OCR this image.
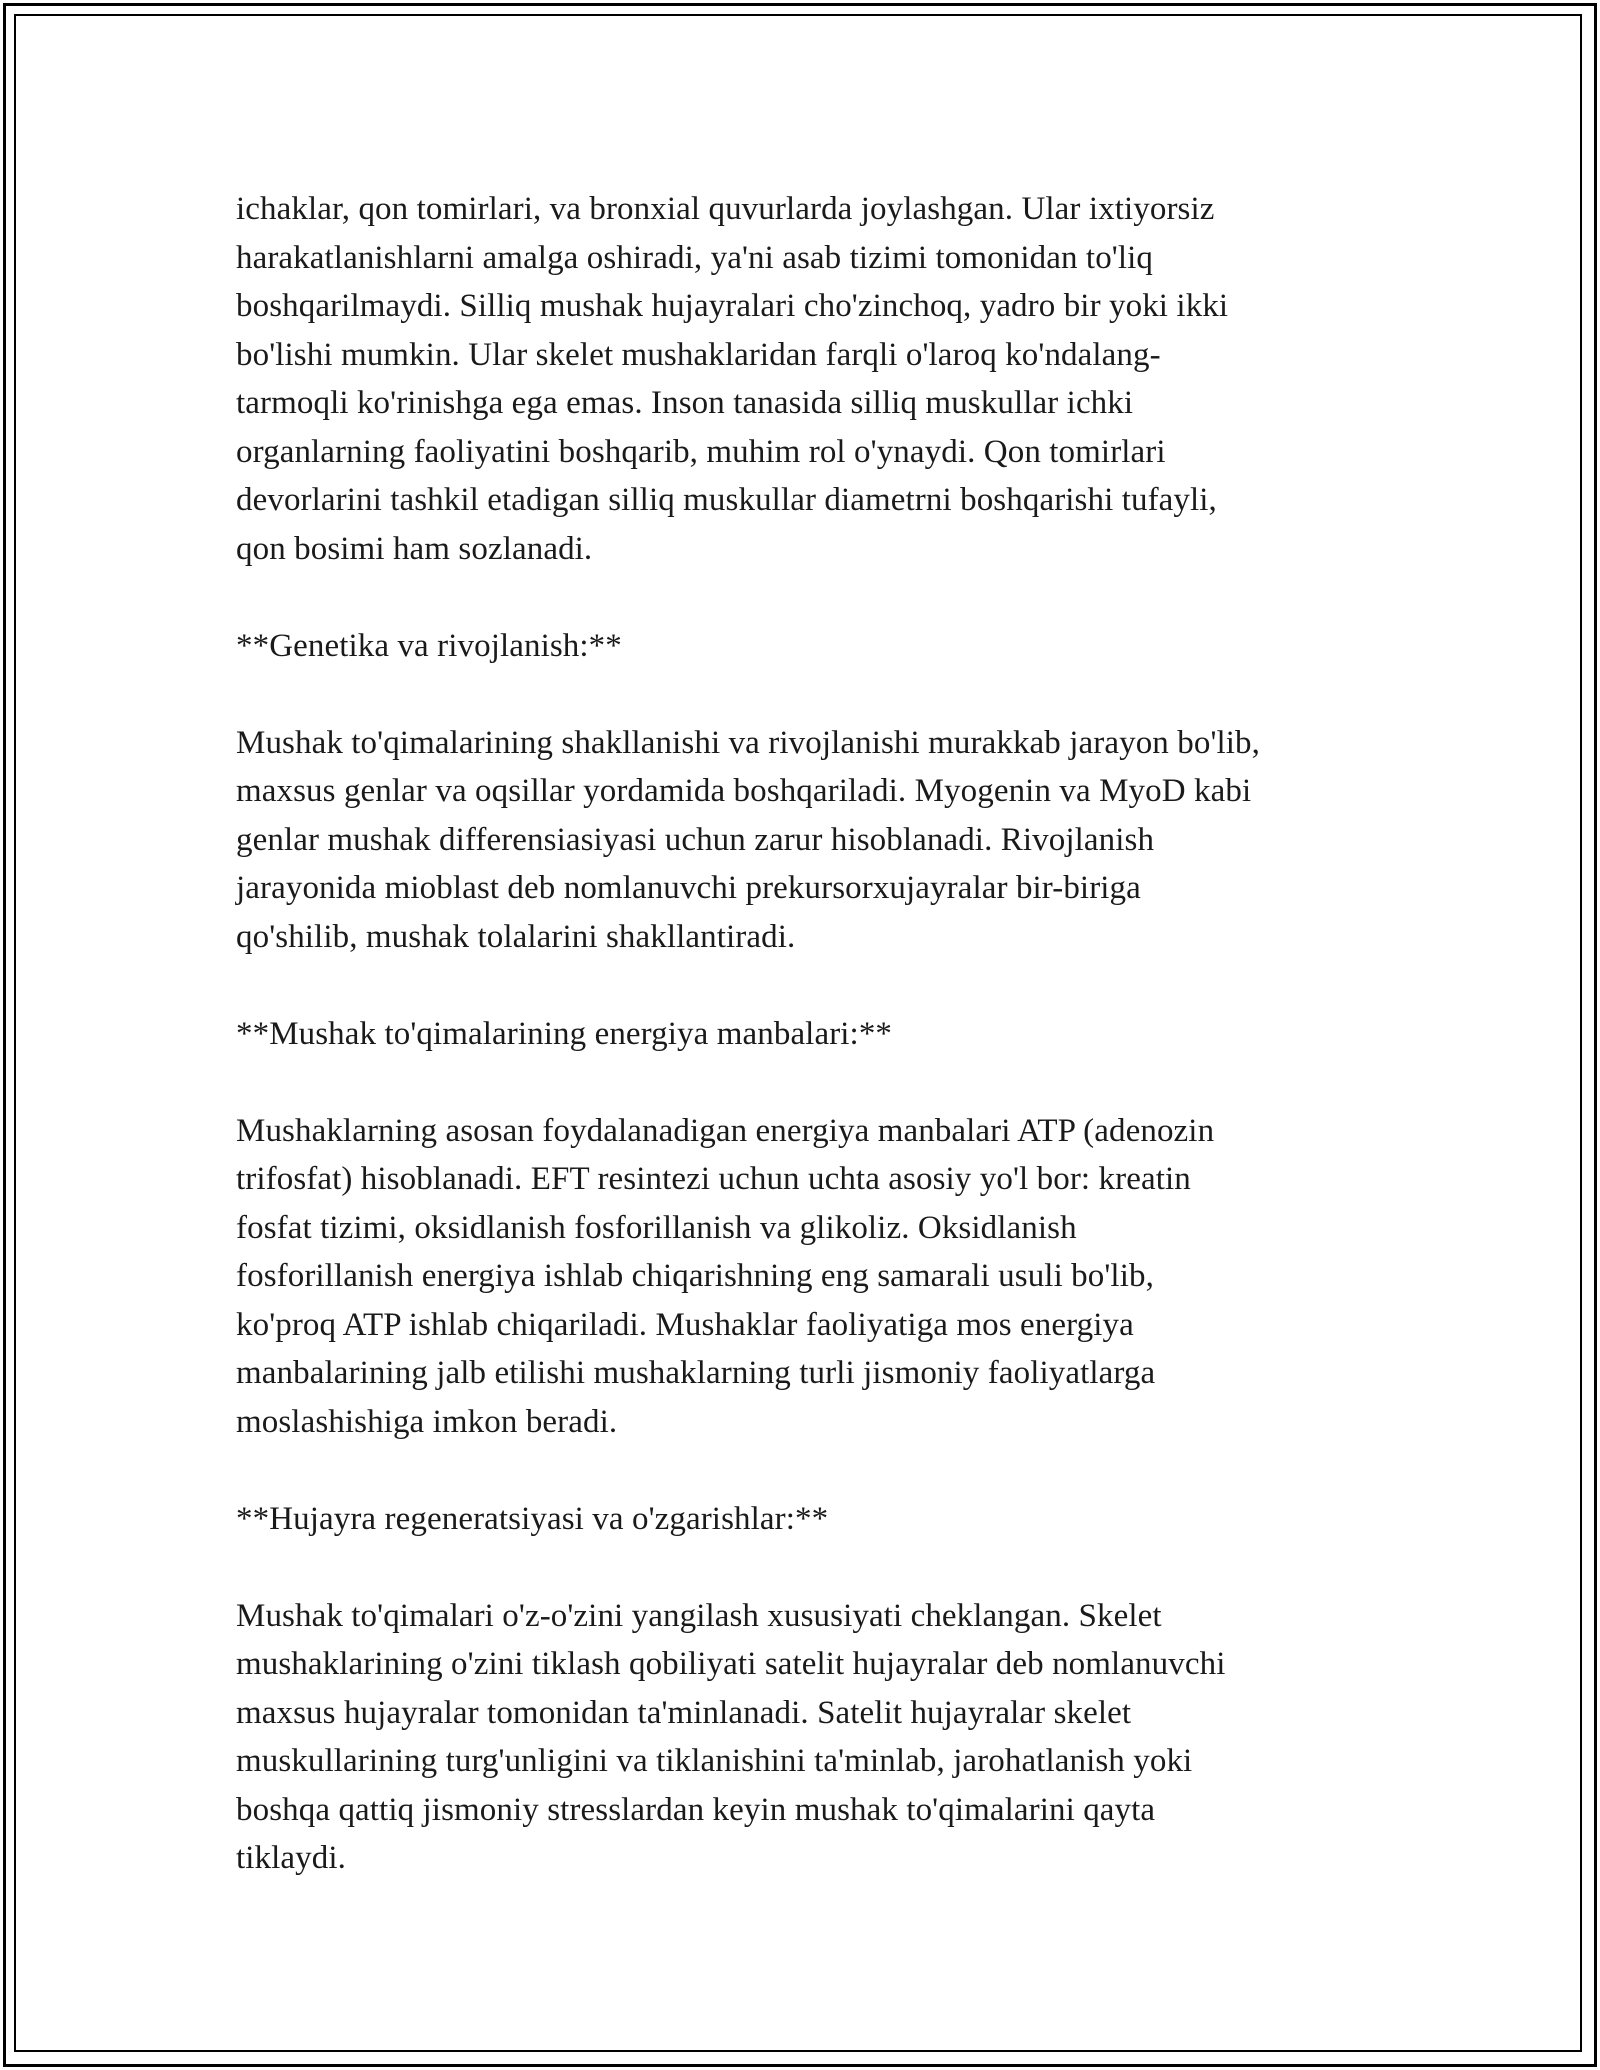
ichaklar, qon tomirlari, va bronxial quvurlarda joylashgan. Ular ixtiyorsiz
harakatlanishlarni amalga oshiradi, ya'ni asab tizimi tomonidan to'liq
boshqarilmaydi. Silliq mushak hujayralari cho'zinchoq, yadro bir yoki ikki
bo'lishi mumkin. Ular skelet mushaklaridan farqli o'laroq ko'ndalang-
tarmoqli ko'rinishga ega emas. Inson tanasida silliq muskullar ichki
organlarning faoliyatini boshqarib, muhim rol o'ynaydi. Qon tomirlari
devorlarini tashkil etadigan silliq muskullar diametrni boshqarishi tufayli,
qon bosimi ham sozlanadi.
**Genetika va rivojlanish:**
Mushak to'qimalarining shakllanishi va rivojlanishi murakkab jarayon bo'lib,
maxsus genlar va oqsillar yordamida boshqariladi. Myogenin va MyoD kabi
genlar mushak differensiasiyasi uchun zarur hisoblanadi. Rivojlanish
jarayonida mioblast deb nomlanuvchi prekursorxujayralar bir-biriga
qo'shilib, mushak tolalarini shakllantiradi.
**Mushak to'qimalarining energiya manbalari:**
Mushaklarning asosan foydalanadigan energiya manbalari ATP (adenozin
trifosfat) hisoblanadi. EFT resintezi uchun uchta asosiy yo'l bor: kreatin
fosfat tizimi, oksidlanish fosforillanish va glikoliz. Oksidlanish
fosforillanish energiya ishlab chiqarishning eng samarali usuli bo'lib,
ko'proq ATP ishlab chiqariladi. Mushaklar faoliyatiga mos energiya
manbalarining jalb etilishi mushaklarning turli jismoniy faoliyatlarga
moslashishiga imkon beradi.
**Hujayra regeneratsiyasi va o'zgarishlar:**
Mushak to'qimalari o'z-o'zini yangilash xususiyati cheklangan. Skelet
mushaklarining o'zini tiklash qobiliyati satelit hujayralar deb nomlanuvchi
maxsus hujayralar tomonidan ta'minlanadi. Satelit hujayralar skelet
muskullarining turg'unligini va tiklanishini ta'minlab, jarohatlanish yoki
boshqa qattiq jismoniy stresslardan keyin mushak to'qimalarini qayta
tiklaydi.
